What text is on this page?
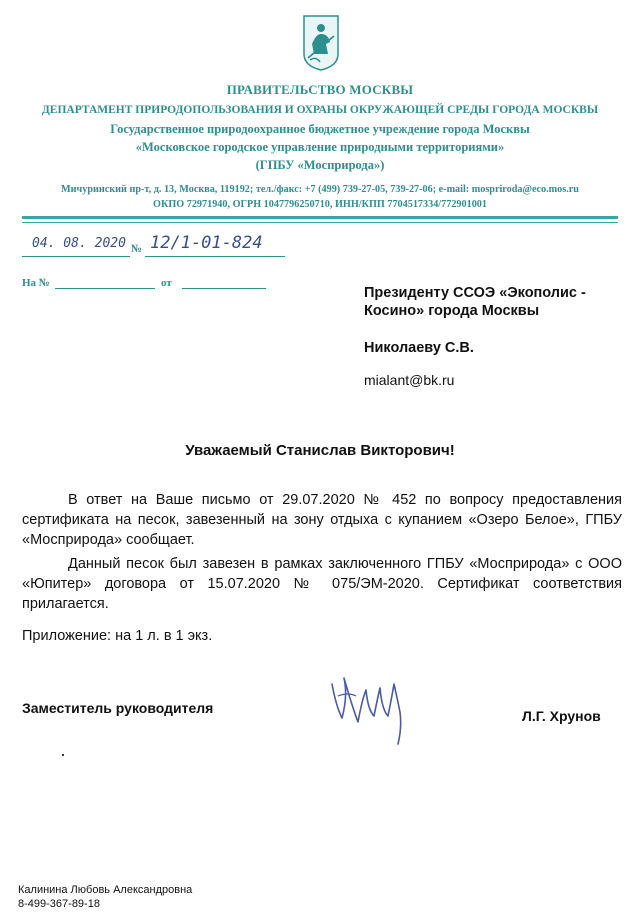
ПРАВИТЕЛЬСТВО МОСКВЫ
ДЕПАРТАМЕНТ ПРИРОДОПОЛЬЗОВАНИЯ И ОХРАНЫ ОКРУЖАЮЩЕЙ СРЕДЫ ГОРОДА МОСКВЫ
Государственное природоохранное бюджетное учреждение города Москвы
«Московское городское управление природными территориями»
(ГПБУ «Мосприрода»)
Мичуринский пр-т, д. 13, Москва, 119192; тел./факс: +7 (499) 739-27-05, 739-27-06; e-mail: mospriroda@eco.mos.ru
ОКПО 72971940, ОГРН 1047796250710, ИНН/КПП 7704517334/772901001
04. 08. 2020 № 12/1-01-824
На №	от
Президенту ССОЭ «Экополис -
Косино» города Москвы
Николаеву С.В.
mialant@bk.ru
Уважаемый Станислав Викторович!
В ответ на Ваше письмо от 29.07.2020 № 452 по вопросу предоставления сертификата на песок, завезенный на зону отдыха с купанием «Озеро Белое», ГПБУ «Мосприрода» сообщает.
Данный песок был завезен в рамках заключенного ГПБУ «Мосприрода» с ООО «Юпитер» договора от 15.07.2020 № 075/ЭМ-2020. Сертификат соответствия прилагается.
Приложение: на 1 л. в 1 экз.
Заместитель руководителя	Л.Г. Хрунов
Калинина Любовь Александровна
8-499-367-89-18
